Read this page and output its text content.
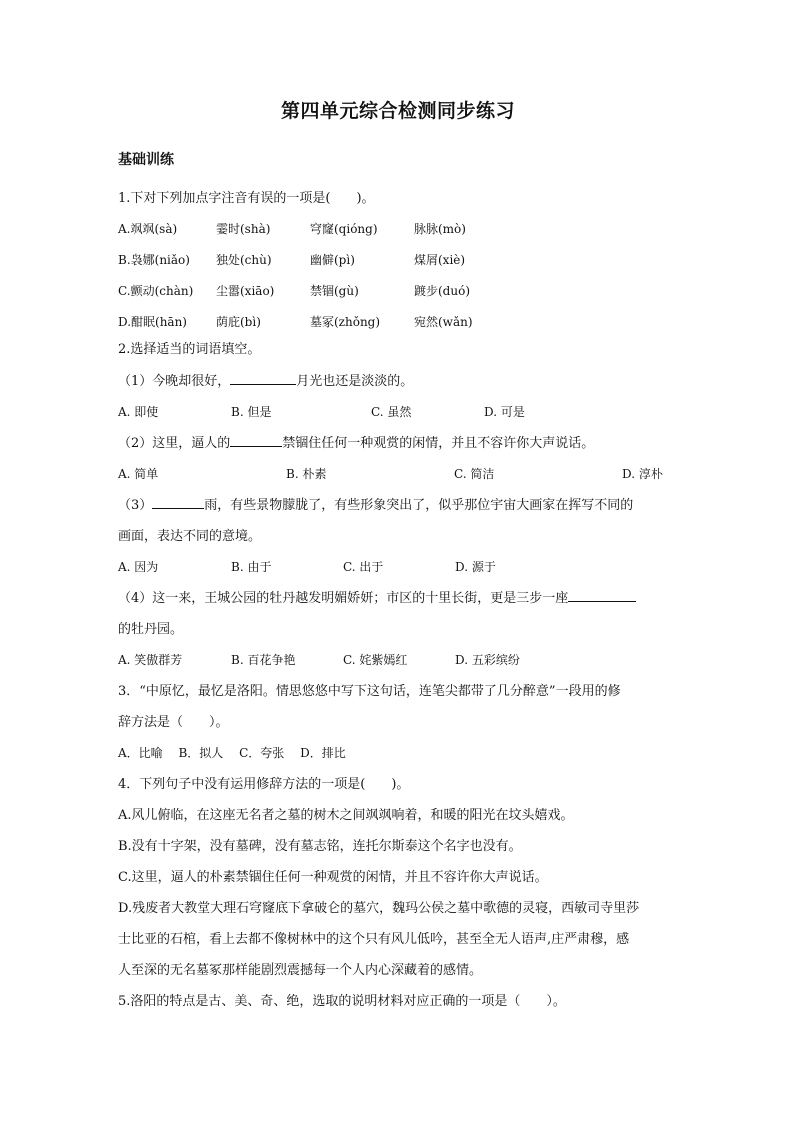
第四单元综合检测同步练习
基础训练
1.下对下列加点字注音有误的一项是(　　)。
A.飒飒(sà)	霎时(shà)	穹窿(qióng)	脉脉(mò)
B.袅娜(niǎo)	独处(chù)	幽僻(pì)	煤屑(xiè)
C.颤动(chàn)	尘嚣(xiāo)	禁锢(gù)	踱步(duó)
D.酣眠(hān)	荫庇(bì)	墓冢(zhǒng)	宛然(wǎn)
2.选择适当的词语填空。
（1）今晚却很好，	月光也还是淡淡的。
A. 即使	B. 但是	C. 虽然	D. 可是
（2）这里，逼人的	禁锢住任何一种观赏的闲情，并且不容许你大声说话。
A. 简单	B. 朴素	C. 简洁	D. 淳朴
（3）	雨，有些景物朦胧了，有些形象突出了，似乎那位宇宙大画家在挥写不同的
画面，表达不同的意境。
A. 因为	B. 由于	C. 出于	D. 源于
（4）这一来，王城公园的牡丹越发明媚娇妍；市区的十里长街，更是三步一座
的牡丹园。
A. 笑傲群芳	B. 百花争艳	C. 姹紫嫣红	D. 五彩缤纷
3．“中原忆，最忆是洛阳。情思悠悠中写下这句话，连笔尖都带了几分醉意”一段用的修
辞方法是（　　）。
A．比喻　 B．拟人　 C．夸张　 D．排比
4．下列句子中没有运用修辞方法的一项是(　　)。
A.风儿俯临，在这座无名者之墓的树木之间飒飒响着，和暖的阳光在坟头嬉戏。
B.没有十字架，没有墓碑，没有墓志铭，连托尔斯泰这个名字也没有。
C.这里，逼人的朴素禁锢住任何一种观赏的闲情，并且不容许你大声说话。
D.残废者大教堂大理石穹窿底下拿破仑的墓穴，魏玛公侯之墓中歌德的灵寝，西敏司寺里莎
士比亚的石棺，看上去都不像树林中的这个只有风儿低吟，甚至全无人语声,庄严肃穆，感
人至深的无名墓冢那样能剧烈震撼每一个人内心深藏着的感情。
5.洛阳的特点是古、美、奇、绝，选取的说明材料对应正确的一项是（　　）。
